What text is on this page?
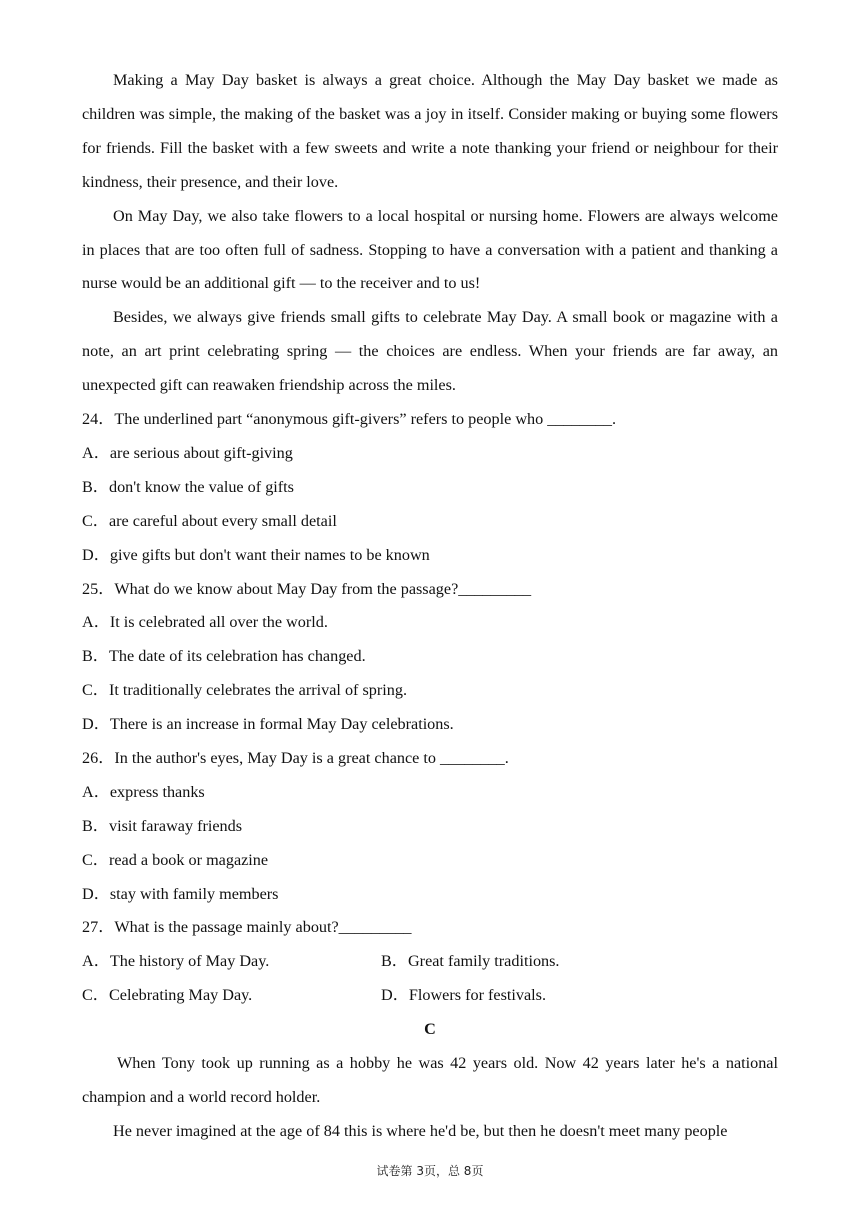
Making a May Day basket is always a great choice. Although the May Day basket we made as children was simple, the making of the basket was a joy in itself. Consider making or buying some flowers for friends. Fill the basket with a few sweets and write a note thanking your friend or neighbour for their kindness, their presence, and their love.

On May Day, we also take flowers to a local hospital or nursing home. Flowers are always welcome in places that are too often full of sadness. Stopping to have a conversation with a patient and thanking a nurse would be an additional gift — to the receiver and to us!

Besides, we always give friends small gifts to celebrate May Day. A small book or magazine with a note, an art print celebrating spring — the choices are endless. When your friends are far away, an unexpected gift can reawaken friendship across the miles.

24．The underlined part “anonymous gift-givers” refers to people who ________.
A．are serious about gift-giving
B．don't know the value of gifts
C．are careful about every small detail
D．give gifts but don't want their names to be known
25．What do we know about May Day from the passage?_________
A．It is celebrated all over the world.
B．The date of its celebration has changed.
C．It traditionally celebrates the arrival of spring.
D．There is an increase in formal May Day celebrations.
26．In the author's eyes, May Day is a great chance to ________.
A．express thanks
B．visit faraway friends
C．read a book or magazine
D．stay with family members
27．What is the passage mainly about?_________
A．The history of May Day.	B．Great family traditions.
C．Celebrating May Day.	D．Flowers for festivals.
C

When Tony took up running as a hobby he was 42 years old. Now 42 years later he's a national champion and a world record holder.

He never imagined at the age of 84 this is where he'd be, but then he doesn't meet many people

试卷第 3页，总 8页
